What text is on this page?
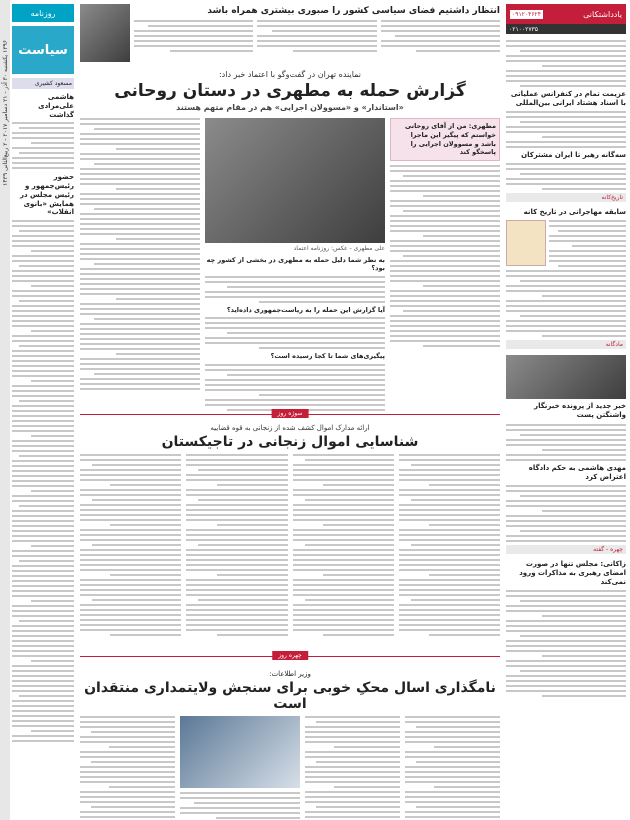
۱۳۹۶ یکشنبه ۳۰ آذر - ۲۱ دسامبر ۲۰۱۷ - ۲ ربیع‌الثانی ۱۴۳۹
روزنامه
سیاست
مسعود کشیری
هاشمی علی‌مرادی گذاشت
حضور رئیس‌جمهور و رئیس مجلس در همایش «بانوی انقلاب»
انتظار داشتیم فضای سیاسی کشور را صبوری بیشتری همراه باشد
نماینده تهران در گفت‌وگو با اعتماد خبر داد:
گزارش حمله به مطهری در دستان روحانی
«استاندار» و «مسوولان اجرایی» هم در مقام متهم هستند
مطهری: من از آقای روحانی خواستم که پیگیر این ماجرا باشد و مسوولان اجرایی را پاسخگو کند
علی مطهری - عکس: روزنامه اعتماد
به نظر شما دلیل حمله به مطهری در بخشی از کشور چه بود؟
آیا گزارش این حمله را به ریاست‌جمهوری داده‌اید؟
پیگیری‌های شما تا کجا رسیده است؟
سوژه روز
ارائه مدارک اموال کشف شده از زنجانی به قوه قضاییه
شناسایی اموال زنجانی در تاجیکستان
چهره روز
وزیر اطلاعات:
نامگذاری اسال محکِ خوبی برای سنجش ولایتمداری منتقدان است
یادداشتکانی
۰۹۱۲۰۴۶۲۴
۰۲۱۰۰۲۷۳۵
عزیمت تمام در کنفرانس عملیاتی با اسناد هشتاد ایرانی بین‌المللی
سه‌گانه رهبر تا ایران مشترکان
تاریخ‌کانه
سابقه مهاجرانی در تاریخ کانه
مادگانه
خبر جدید از پرونده خبرنگار واشنگتن پست
مهدی هاشمی به حکم دادگاه اعتراض کرد
چهره - گفته
زاکانی: مجلس تنها در صورت امضای رهبری به مذاکرات ورود نمی‌کند
